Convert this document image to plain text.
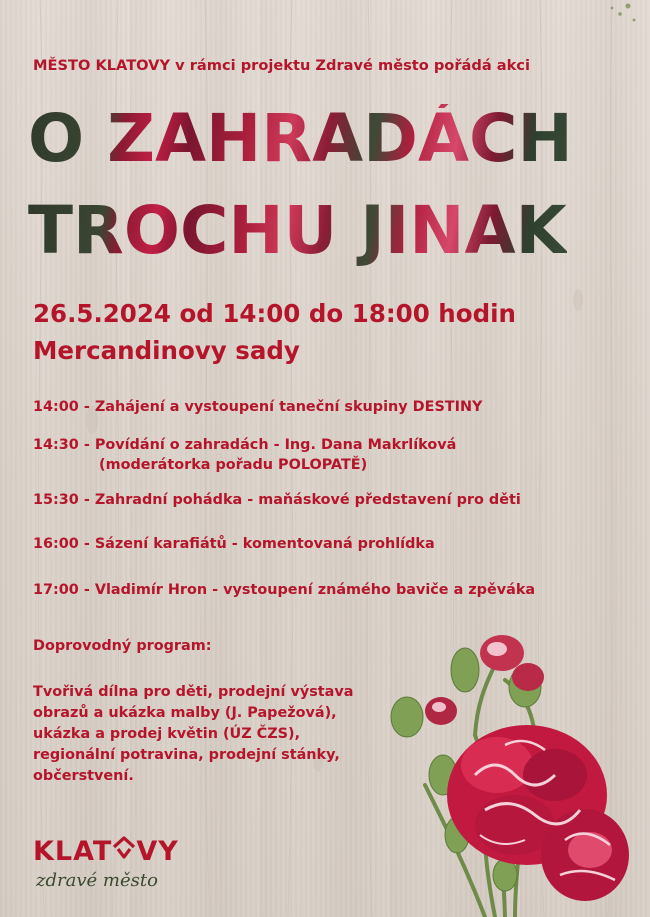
MĚSTO KLATOVY v rámci projektu Zdravé město pořádá akci
O ZAHRADÁCH
TROCHU JINAK
26.5.2024 od 14:00 do 18:00 hodin
Mercandinovy sady
14:00 - Zahájení a vystoupení taneční skupiny DESTINY
14:30 - Povídání o zahradách - Ing. Dana Makrlíková
(moderátorka pořadu POLOPATĚ)
15:30 - Zahradní pohádka - maňáskové představení pro děti
16:00 - Sázení karafiátů - komentovaná prohlídka
17:00 - Vladimír Hron - vystoupení známého baviče a zpěváka
Doprovodný program:
Tvořivá dílna pro děti, prodejní výstava
obrazů a ukázka malby (J. Papežová),
ukázka a prodej květin (ÚZ ČZS),
regionální potravina, prodejní stánky,
občerstvení.
KLAT VY
zdravé město
